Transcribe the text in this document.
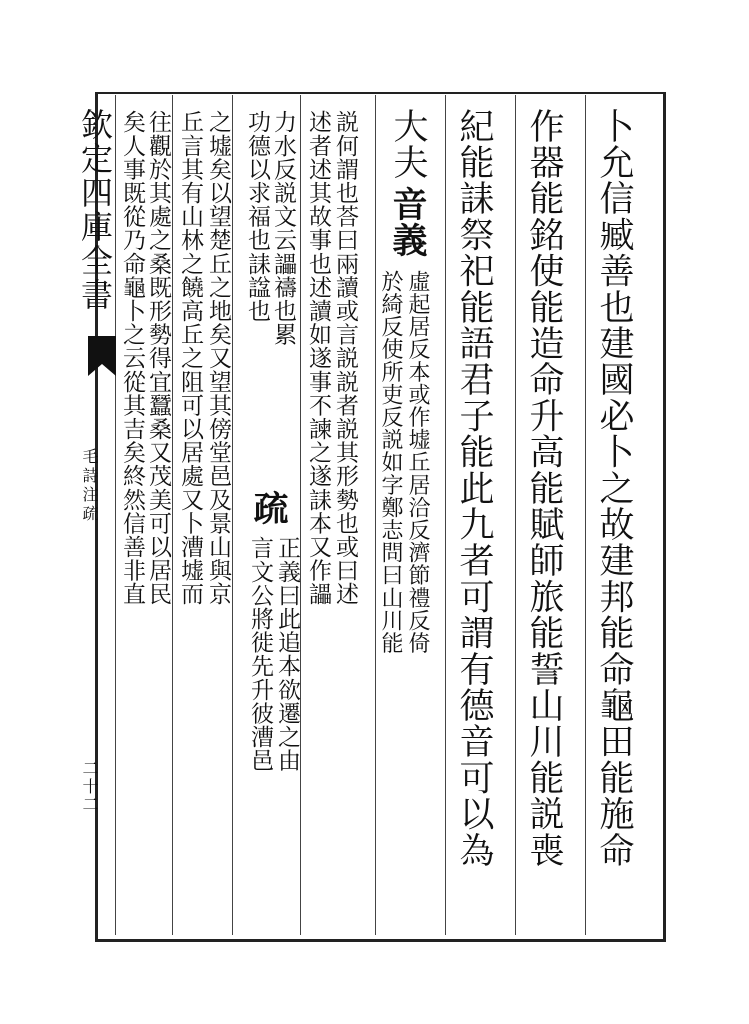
欽定四庫全書
毛詩注疏
二十二	卜允信臧善也建國必卜之故建邦能命龜田能施命
作器能銘使能造命升高能賦師旅能誓山川能説喪
紀能誄祭祀能語君子能此九者可謂有德音可以為
大夫
音義
虛起居反本或作墟丘居洽反濟節禮反倚
於綺反使所吏反説如字鄭志問曰山川能
説何謂也荅曰兩讀或言説説者説其形勢也或曰述
述者述其故事也述讀如遂事不諫之遂誄本又作讄
力水反説文云讄禱也累
功德以求福也誄諡也
疏
正義曰此追本欲遷之由
言文公將徙先升彼漕邑
之墟矣以望楚丘之地矣又望其傍堂邑及景山與京
丘言其有山林之饒高丘之阻可以居處又卜漕墟而
往觀於其處之桑既形勢得宜蠶桑又茂美可以居民
矣人事既從乃命龜卜之云從其吉矣終然信善非直
